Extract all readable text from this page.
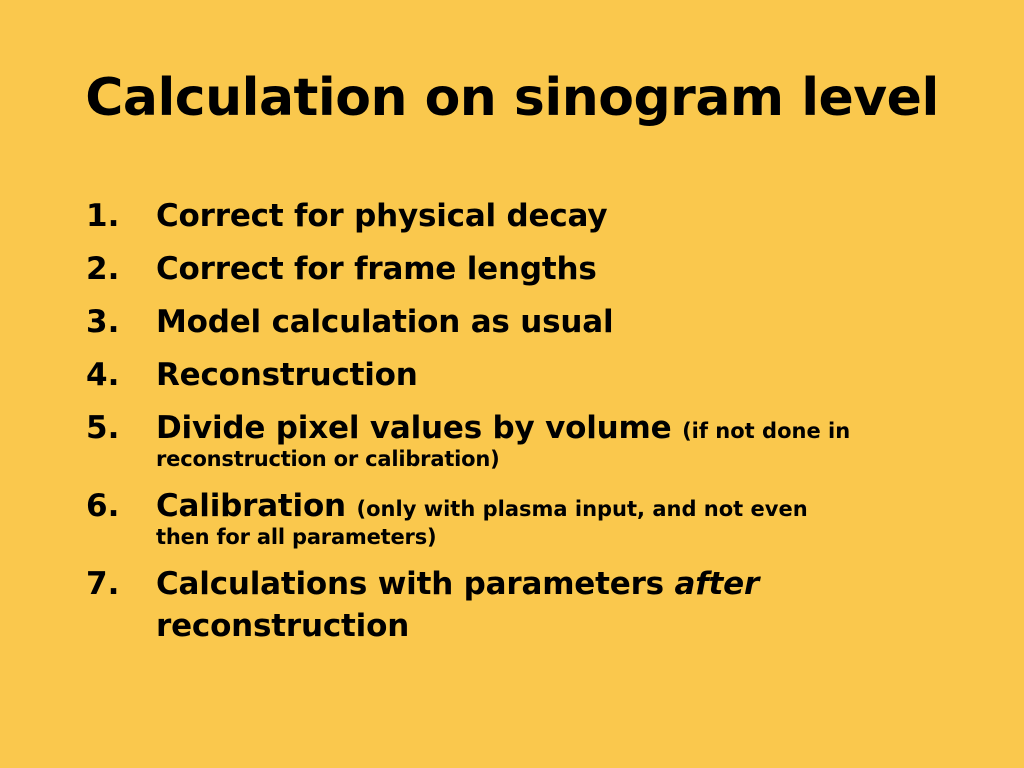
Calculation on sinogram level
1.	Correct for physical decay
2.	Correct for frame lengths
3.	Model calculation as usual
4.	Reconstruction
5.	Divide pixel values by volume (if not done in
reconstruction or calibration)
6.	Calibration (only with plasma input, and not even
then for all parameters)
7.	Calculations with parameters after
reconstruction
